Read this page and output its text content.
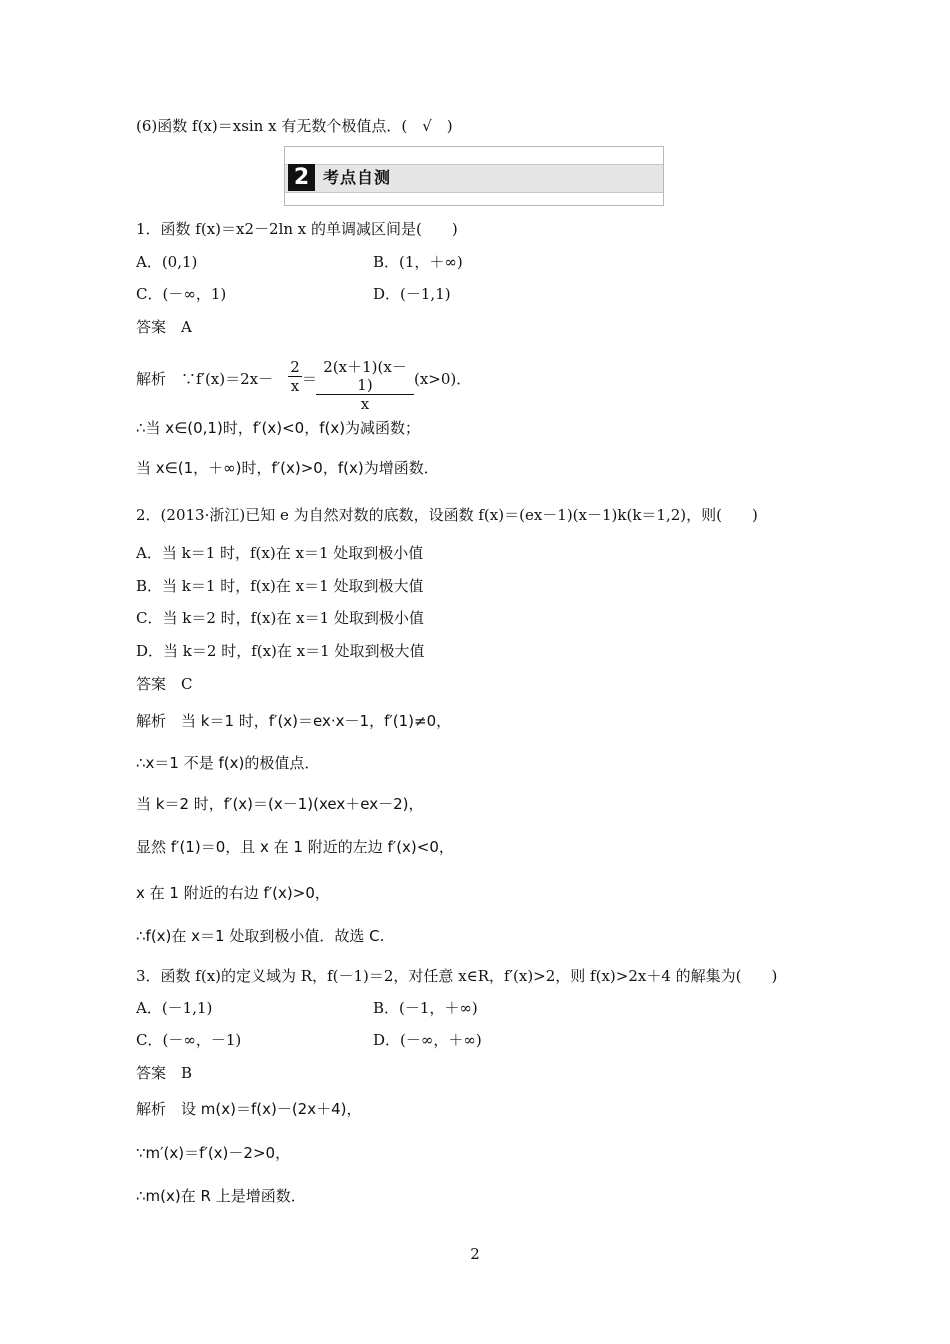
(6)函数 f(x)＝xsin x 有无数个极值点．(　√　)
2 考点自测
1．函数 f(x)＝x2－2ln x 的单调减区间是(　　)
A．(0,1)	B．(1，＋∞)
C．(－∞，1)	D．(－1,1)
答案　A
解析　∵f′(x)＝2x－ $\frac{2}{x}$ ＝
$\frac{2(x+1)(x-1)}{x} (x>0)$．
∴当 x∈(0,1)时，f′(x)<0，f(x)为减函数；
当 x∈(1，＋∞)时，f′(x)>0，f(x)为增函数．
2．(2013·浙江)已知 e 为自然对数的底数，设函数 f(x)＝(ex－1)(x－1)k(k＝1,2)，则(　　)
A．当 k＝1 时，f(x)在 x＝1 处取到极小值
B．当 k＝1 时，f(x)在 x＝1 处取到极大值
C．当 k＝2 时，f(x)在 x＝1 处取到极小值
D．当 k＝2 时，f(x)在 x＝1 处取到极大值
答案　C
解析　当 k＝1 时，f′(x)＝ex·x－1，f′(1)≠0，
∴x＝1 不是 f(x)的极值点．
当 k＝2 时，f′(x)＝(x－1)(xex＋ex－2)，
显然 f′(1)＝0，且 x 在 1 附近的左边 f′(x)<0，
x 在 1 附近的右边 f′(x)>0，
∴f(x)在 x＝1 处取到极小值．故选 C.
3．函数 f(x)的定义域为 R，f(－1)＝2，对任意 x∈R，f′(x)>2，则 f(x)>2x＋4 的解集为(　　)
A．(－1,1)	B．(－1，＋∞)
C．(－∞，－1)	D．(－∞，＋∞)
答案　B
解析　设 m(x)＝f(x)－(2x＋4)，
∵m′(x)＝f′(x)－2>0，
∴m(x)在 R 上是增函数．
2
